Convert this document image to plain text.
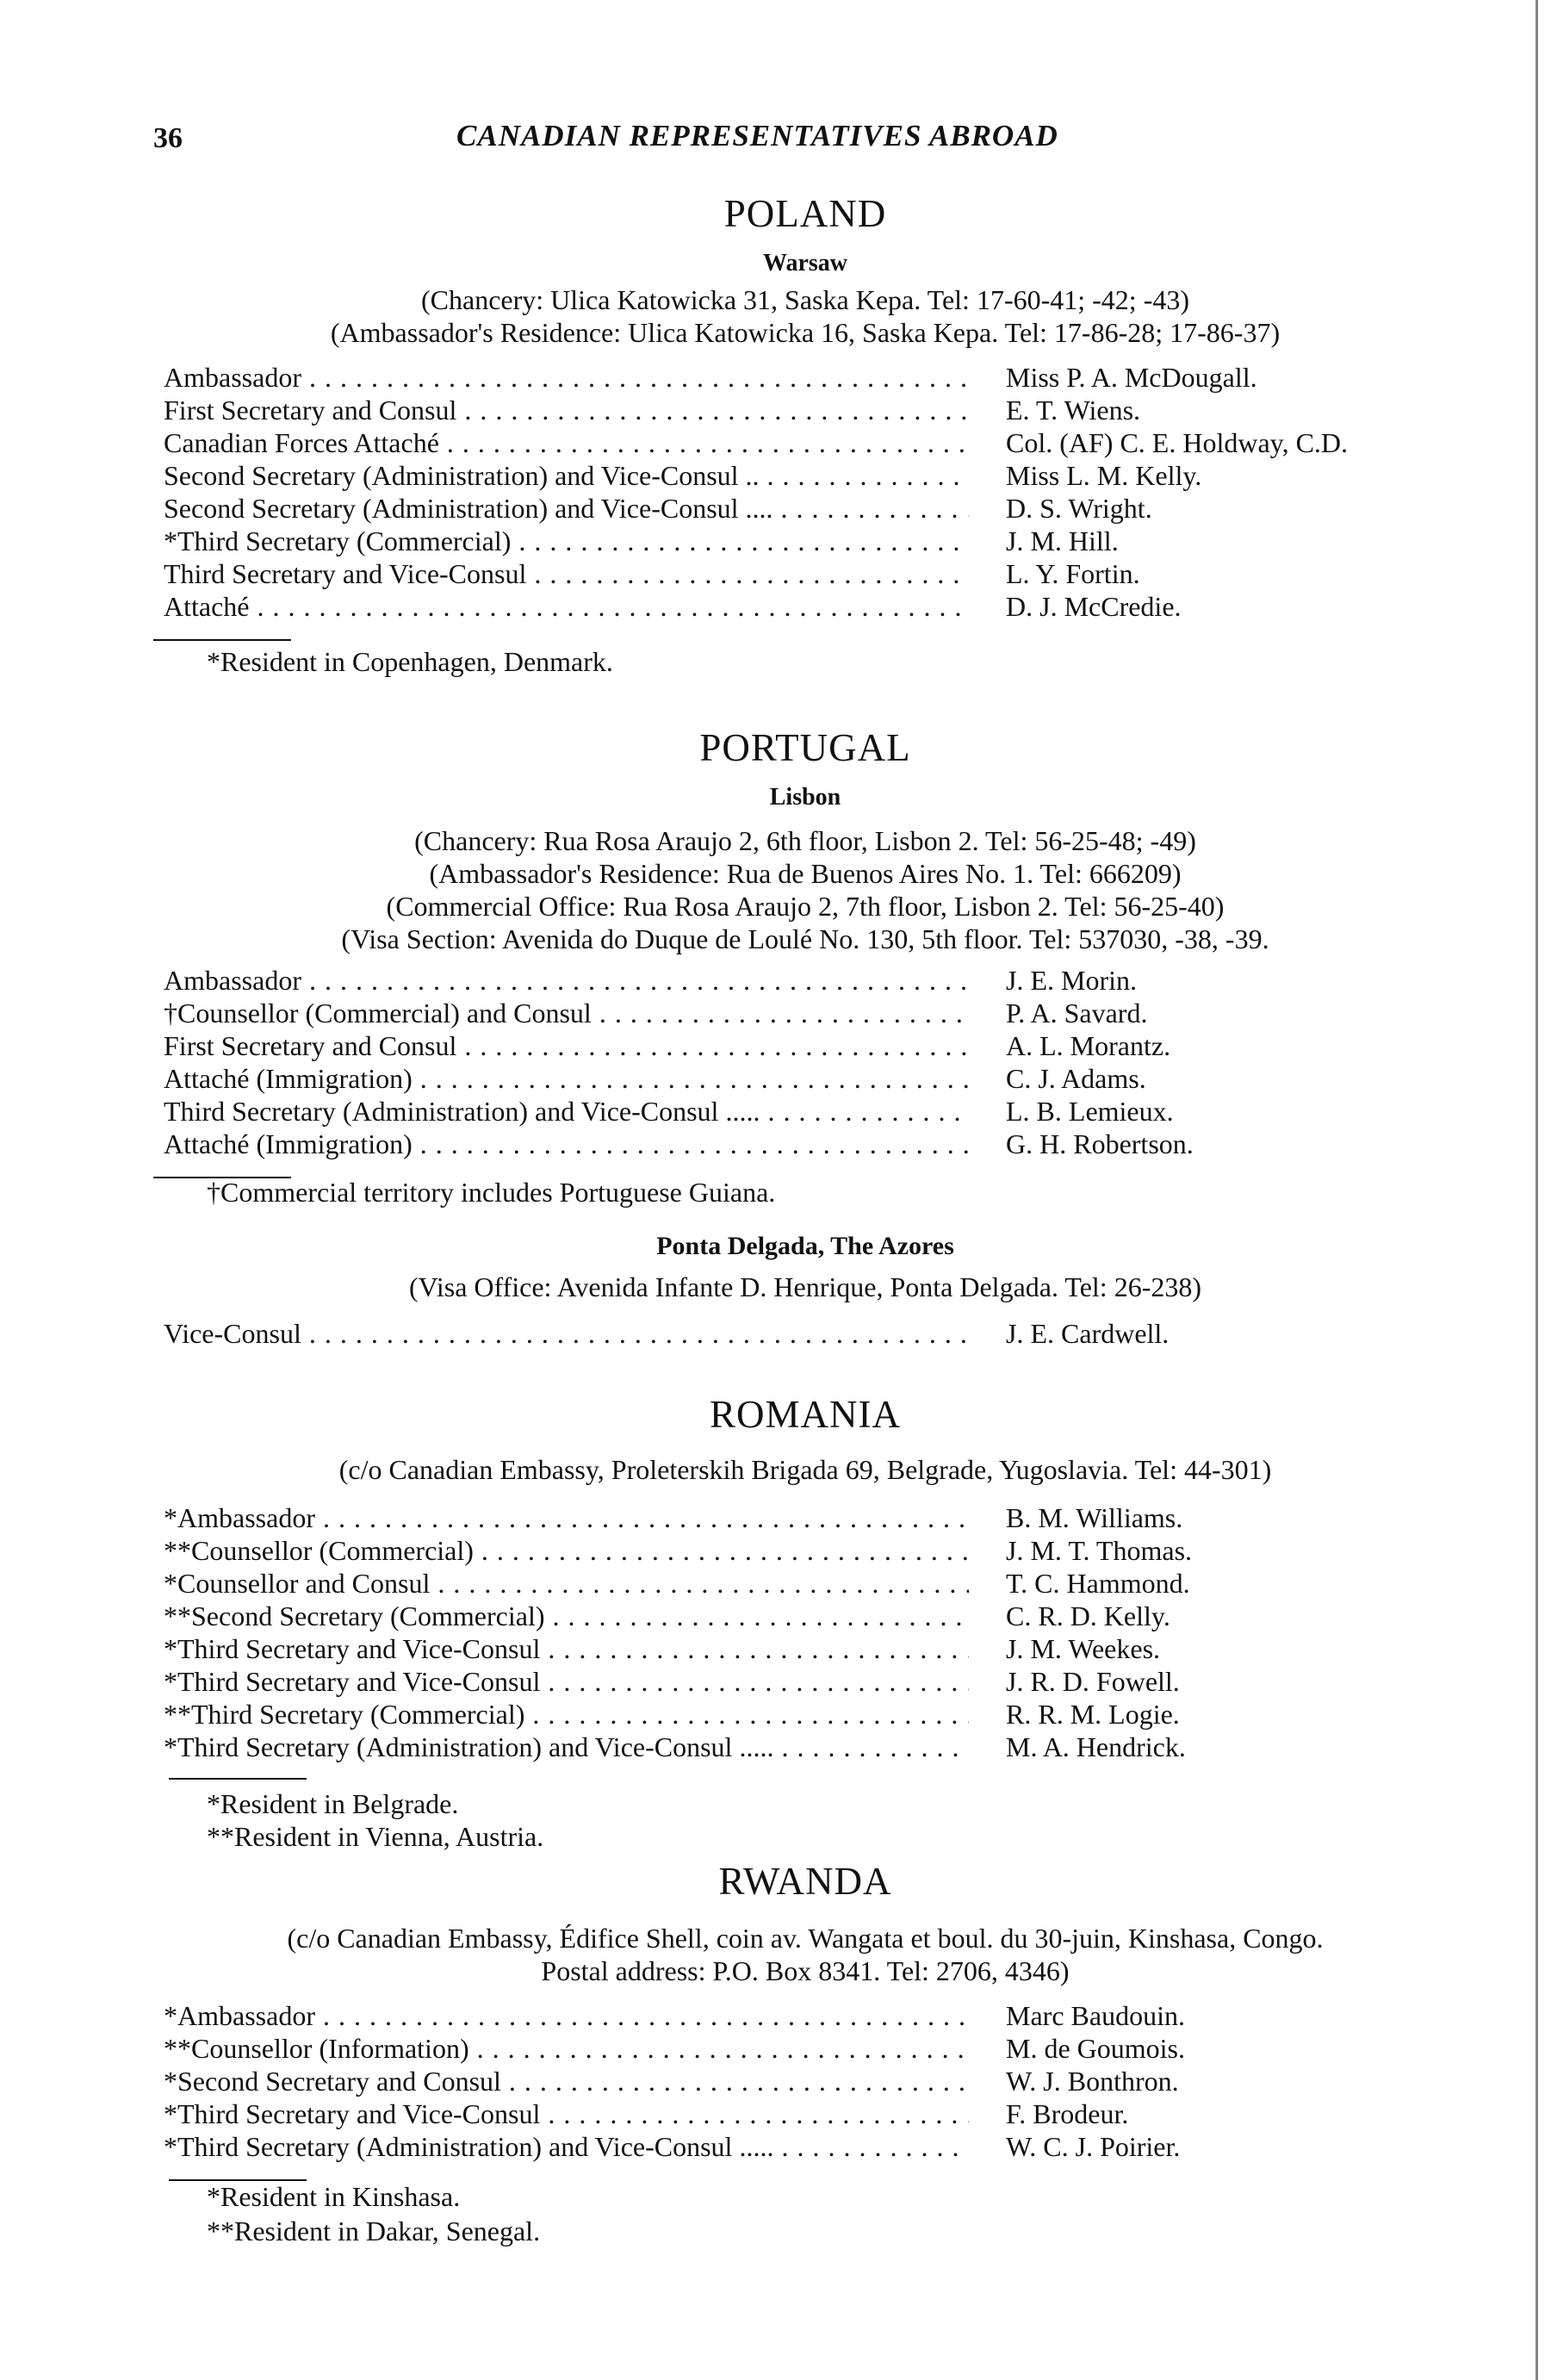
36	CANADIAN REPRESENTATIVES ABROAD
POLAND
Warsaw
(Chancery: Ulica Katowicka 31, Saska Kepa. Tel: 17-60-41; -42; -43)
(Ambassador's Residence: Ulica Katowicka 16, Saska Kepa. Tel: 17-86-28; 17-86-37)
Ambassador . . .	Miss P. A. McDougall.
First Secretary and Consul . . .	E. T. Wiens.
Canadian Forces Attaché . . .	Col. (AF) C. E. Holdway, C.D.
Second Secretary (Administration) and Vice-Consul .. . . .	Miss L. M. Kelly.
Second Secretary (Administration) and Vice-Consul .... . . .	D. S. Wright.
*Third Secretary (Commercial) . . .	J. M. Hill.
Third Secretary and Vice-Consul . . .	L. Y. Fortin.
Attaché . . .	D. J. McCredie.
*Resident in Copenhagen, Denmark.
PORTUGAL
Lisbon
(Chancery: Rua Rosa Araujo 2, 6th floor, Lisbon 2. Tel: 56-25-48; -49)
(Ambassador's Residence: Rua de Buenos Aires No. 1. Tel: 666209)
(Commercial Office: Rua Rosa Araujo 2, 7th floor, Lisbon 2. Tel: 56-25-40)
(Visa Section: Avenida do Duque de Loulé No. 130, 5th floor. Tel: 537030, -38, -39.
Ambassador . . .	J. E. Morin.
†Counsellor (Commercial) and Consul . . .	P. A. Savard.
First Secretary and Consul . . .	A. L. Morantz.
Attaché (Immigration) . . .	C. J. Adams.
Third Secretary (Administration) and Vice-Consul ..... . . .	L. B. Lemieux.
Attaché (Immigration) . . .	G. H. Robertson.
†Commercial territory includes Portuguese Guiana.
Ponta Delgada, The Azores
(Visa Office: Avenida Infante D. Henrique, Ponta Delgada. Tel: 26-238)
Vice-Consul . . .	J. E. Cardwell.
ROMANIA
(c/o Canadian Embassy, Proleterskih Brigada 69, Belgrade, Yugoslavia. Tel: 44-301)
*Ambassador . . .	B. M. Williams.
**Counsellor (Commercial) . . .	J. M. T. Thomas.
*Counsellor and Consul . . .	T. C. Hammond.
**Second Secretary (Commercial) . . .	C. R. D. Kelly.
*Third Secretary and Vice-Consul . . .	J. M. Weekes.
*Third Secretary and Vice-Consul . . .	J. R. D. Fowell.
**Third Secretary (Commercial) . . .	R. R. M. Logie.
*Third Secretary (Administration) and Vice-Consul ..... . . .	M. A. Hendrick.
*Resident in Belgrade.
**Resident in Vienna, Austria.
RWANDA
(c/o Canadian Embassy, Édifice Shell, coin av. Wangata et boul. du 30-juin, Kinshasa, Congo.
Postal address: P.O. Box 8341. Tel: 2706, 4346)
*Ambassador . . .	Marc Baudouin.
**Counsellor (Information) . . .	M. de Goumois.
*Second Secretary and Consul . . .	W. J. Bonthron.
*Third Secretary and Vice-Consul . . .	F. Brodeur.
*Third Secretary (Administration) and Vice-Consul ..... . . .	W. C. J. Poirier.
*Resident in Kinshasa.
**Resident in Dakar, Senegal.
